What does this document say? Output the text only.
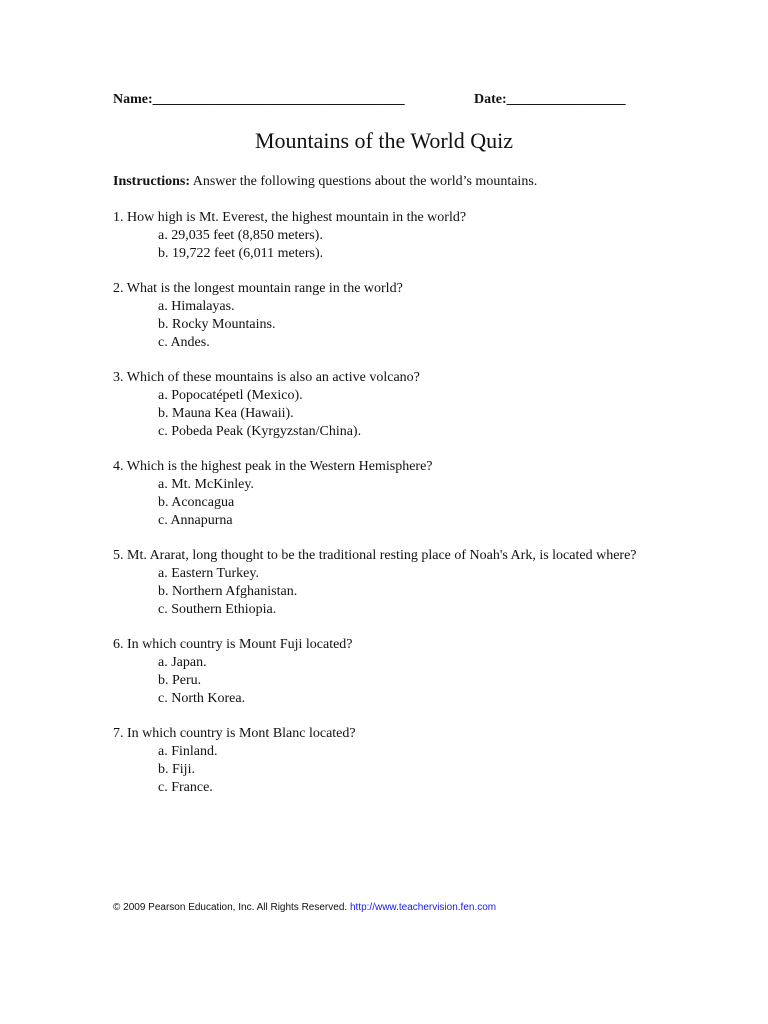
Name:____________________________________	Date:_________________
Mountains of the World Quiz
Instructions: Answer the following questions about the world’s mountains.
1. How high is Mt. Everest, the highest mountain in the world?
a. 29,035 feet (8,850 meters).
b. 19,722 feet (6,011 meters).
2. What is the longest mountain range in the world?
a. Himalayas.
b. Rocky Mountains.
c. Andes.
3. Which of these mountains is also an active volcano?
a. Popocatépetl (Mexico).
b. Mauna Kea (Hawaii).
c. Pobeda Peak (Kyrgyzstan/China).
4. Which is the highest peak in the Western Hemisphere?
a. Mt. McKinley.
b. Aconcagua
c. Annapurna
5. Mt. Ararat, long thought to be the traditional resting place of Noah's Ark, is located where?
a. Eastern Turkey.
b. Northern Afghanistan.
c. Southern Ethiopia.
6. In which country is Mount Fuji located?
a. Japan.
b. Peru.
c. North Korea.
7. In which country is Mont Blanc located?
a. Finland.
b. Fiji.
c. France.
© 2009 Pearson Education, Inc. All Rights Reserved. http://www.teachervision.fen.com
